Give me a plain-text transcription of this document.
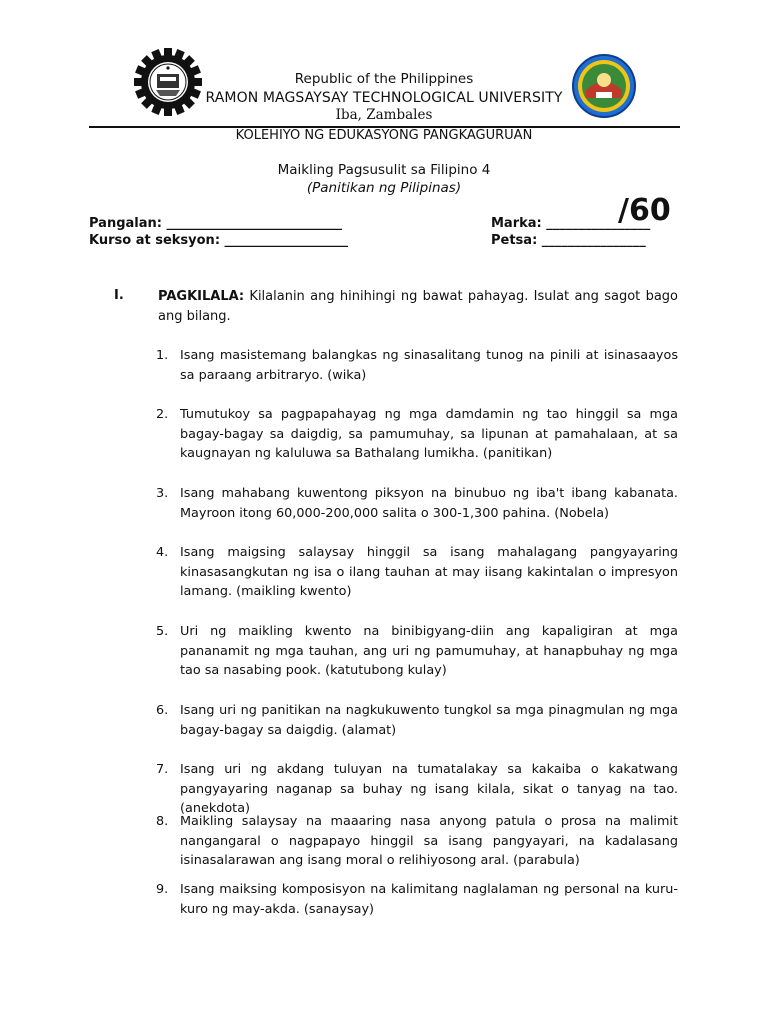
Republic of the Philippines
RAMON MAGSAYSAY TECHNOLOGICAL UNIVERSITY
Iba, Zambales
KOLEHIYO NG EDUKASYONG PANGKAGURUAN
Maikling Pagsusulit sa Filipino 4
(Panitikan ng Pilipinas)
Pangalan: ___________________________
Kurso at seksyon: ___________________
Marka: ________________
Petsa: ________________
/60
I.	PAGKILALA: Kilalanin ang hinihingi ng bawat pahayag. Isulat ang sagot bago ang bilang.
1. Isang masistemang balangkas ng sinasalitang tunog na pinili at isinasaayos sa paraang arbitraryo. (wika)
2. Tumutukoy sa pagpapahayag ng mga damdamin ng tao hinggil sa mga bagay-bagay sa daigdig, sa pamumuhay, sa lipunan at pamahalaan, at sa kaugnayan ng kaluluwa sa Bathalang lumikha. (panitikan)
3. Isang mahabang kuwentong piksyon na binubuo ng iba't ibang kabanata. Mayroon itong 60,000-200,000 salita o 300-1,300 pahina. (Nobela)
4. Isang maigsing salaysay hinggil sa isang mahalagang pangyayaring kinasasangkutan ng isa o ilang tauhan at may iisang kakintalan o impresyon lamang. (maikling kwento)
5. Uri ng maikling kwento na binibigyang-diin ang kapaligiran at mga pananamit ng mga tauhan, ang uri ng pamumuhay, at hanapbuhay ng mga tao sa nasabing pook. (katutubong kulay)
6. Isang uri ng panitikan na nagkukuwento tungkol sa mga pinagmulan ng mga bagay-bagay sa daigdig. (alamat)
7. Isang uri ng akdang tuluyan na tumatalakay sa kakaiba o kakatwang pangyayaring naganap sa buhay ng isang kilala, sikat o tanyag na tao. (anekdota)
8. Maikling salaysay na maaaring nasa anyong patula o prosa na malimit nangangaral o nagpapayo hinggil sa isang pangyayari, na kadalasang isinasalarawan ang isang moral o relihiyosong aral. (parabula)
9. Isang maiksing komposisyon na kalimitang naglalaman ng personal na kuru-kuro ng may-akda. (sanaysay)
